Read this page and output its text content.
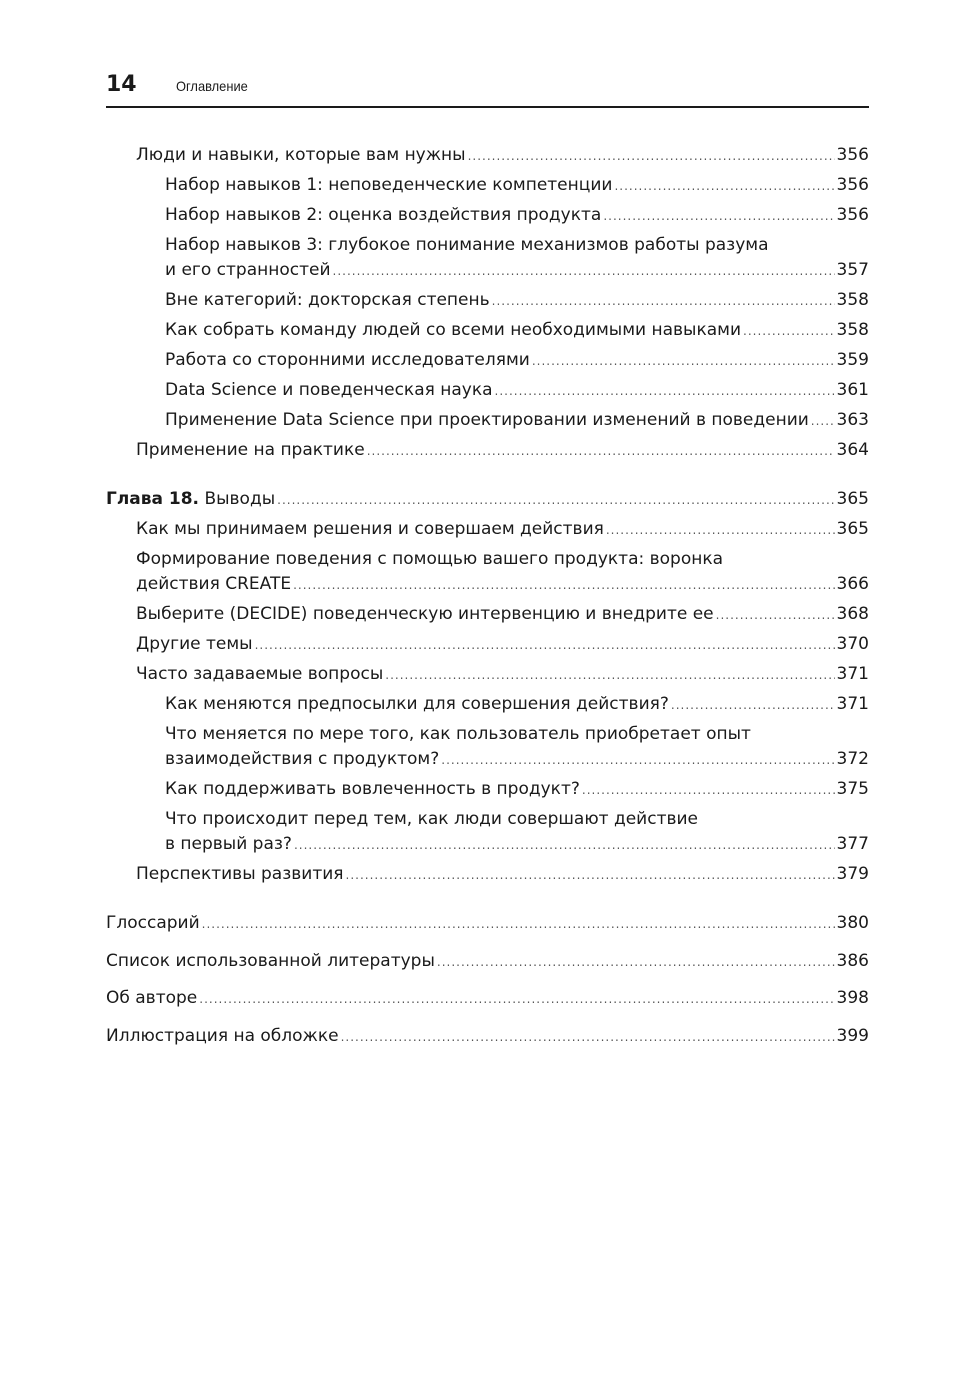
14	Оглавление
Люди и навыки, которые вам нужны .....	356
Набор навыков 1: неповеденческие компетенции .....	356
Набор навыков 2: оценка воздействия продукта .....	356
Набор навыков 3: глубокое понимание механизмов работы разума
и его странностей .....	357
Вне категорий: докторская степень .....	358
Как собрать команду людей со всеми необходимыми навыками .....	358
Работа со сторонними исследователями .....	359
Data Science и поведенческая наука .....	361
Применение Data Science при проектировании изменений в поведении ..... 363
Применение на практике .....	364
Глава 18. Выводы .....	365
Как мы принимаем решения и совершаем действия .....	365
Формирование поведения с помощью вашего продукта: воронка
действия CREATE .....	366
Выберите (DECIDE) поведенческую интервенцию и внедрите ее .....	368
Другие темы .....	370
Часто задаваемые вопросы .....	371
Как меняются предпосылки для совершения действия? .....	371
Что меняется по мере того, как пользователь приобретает опыт
взаимодействия с продуктом? .....	372
Как поддерживать вовлеченность в продукт? .....	375
Что происходит перед тем, как люди совершают действие
в первый раз? .....	377
Перспективы развития .....	379
Глоссарий .....	380
Список использованной литературы .....	386
Об авторе .....	398
Иллюстрация на обложке .....	399
